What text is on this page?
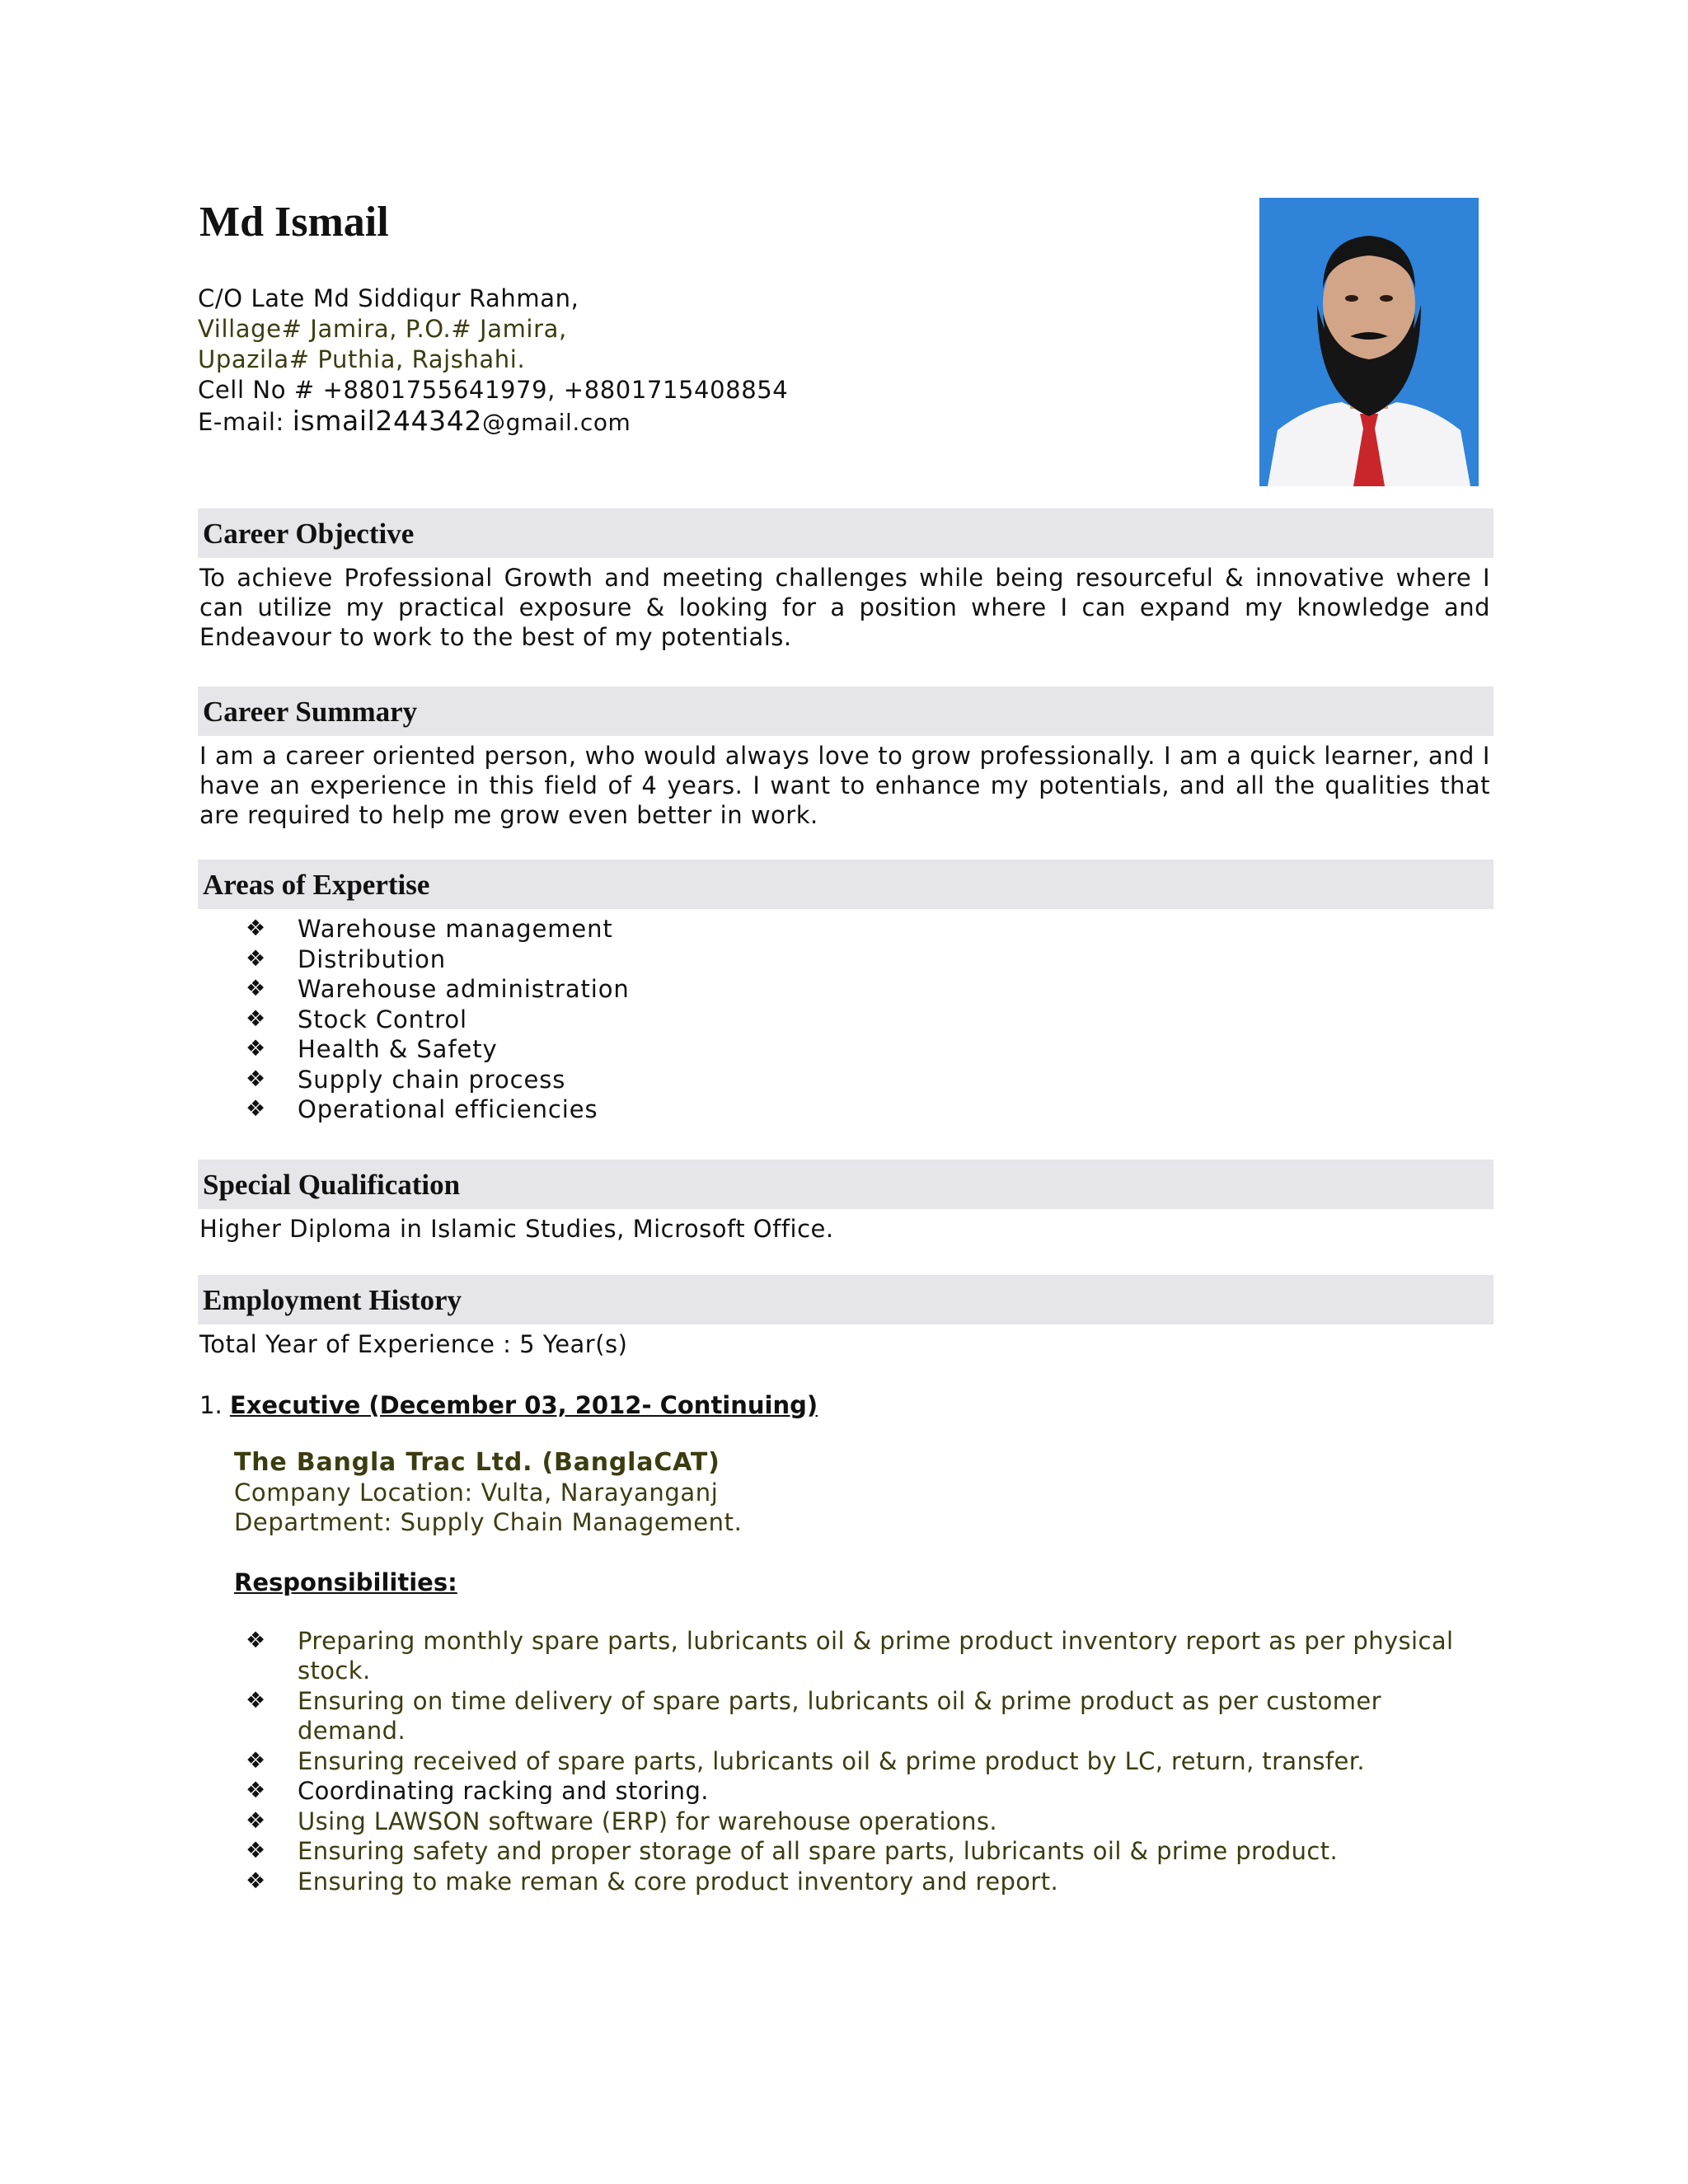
Md Ismail
C/O Late Md Siddiqur Rahman,
Village# Jamira, P.O.# Jamira,
Upazila# Puthia, Rajshahi.
Cell No # +8801755641979, +8801715408854
E-mail: ismail244342@gmail.com
Career Objective
To achieve Professional Growth and meeting challenges while being resourceful & innovative where I can utilize my practical exposure & looking for a position where I can expand my knowledge and Endeavour to work to the best of my potentials.
Career Summary
I am a career oriented person, who would always love to grow professionally. I am a quick learner, and I have an experience in this field of 4 years. I want to enhance my potentials, and all the qualities that are required to help me grow even better in work.
Areas of Expertise
❖ Warehouse management
❖ Distribution
❖ Warehouse administration
❖ Stock Control
❖ Health & Safety
❖ Supply chain process
❖ Operational efficiencies
Special Qualification
Higher Diploma in Islamic Studies, Microsoft Office.
Employment History
Total Year of Experience : 5 Year(s)
1. Executive (December 03, 2012- Continuing)
The Bangla Trac Ltd. (BanglaCAT)
Company Location: Vulta, Narayanganj
Department: Supply Chain Management.
Responsibilities:
❖ Preparing monthly spare parts, lubricants oil & prime product inventory report as per physical stock.
❖ Ensuring on time delivery of spare parts, lubricants oil & prime product as per customer demand.
❖ Ensuring received of spare parts, lubricants oil & prime product by LC, return, transfer.
❖ Coordinating racking and storing.
❖ Using LAWSON software (ERP) for warehouse operations.
❖ Ensuring safety and proper storage of all spare parts, lubricants oil & prime product.
❖ Ensuring to make reman & core product inventory and report.
